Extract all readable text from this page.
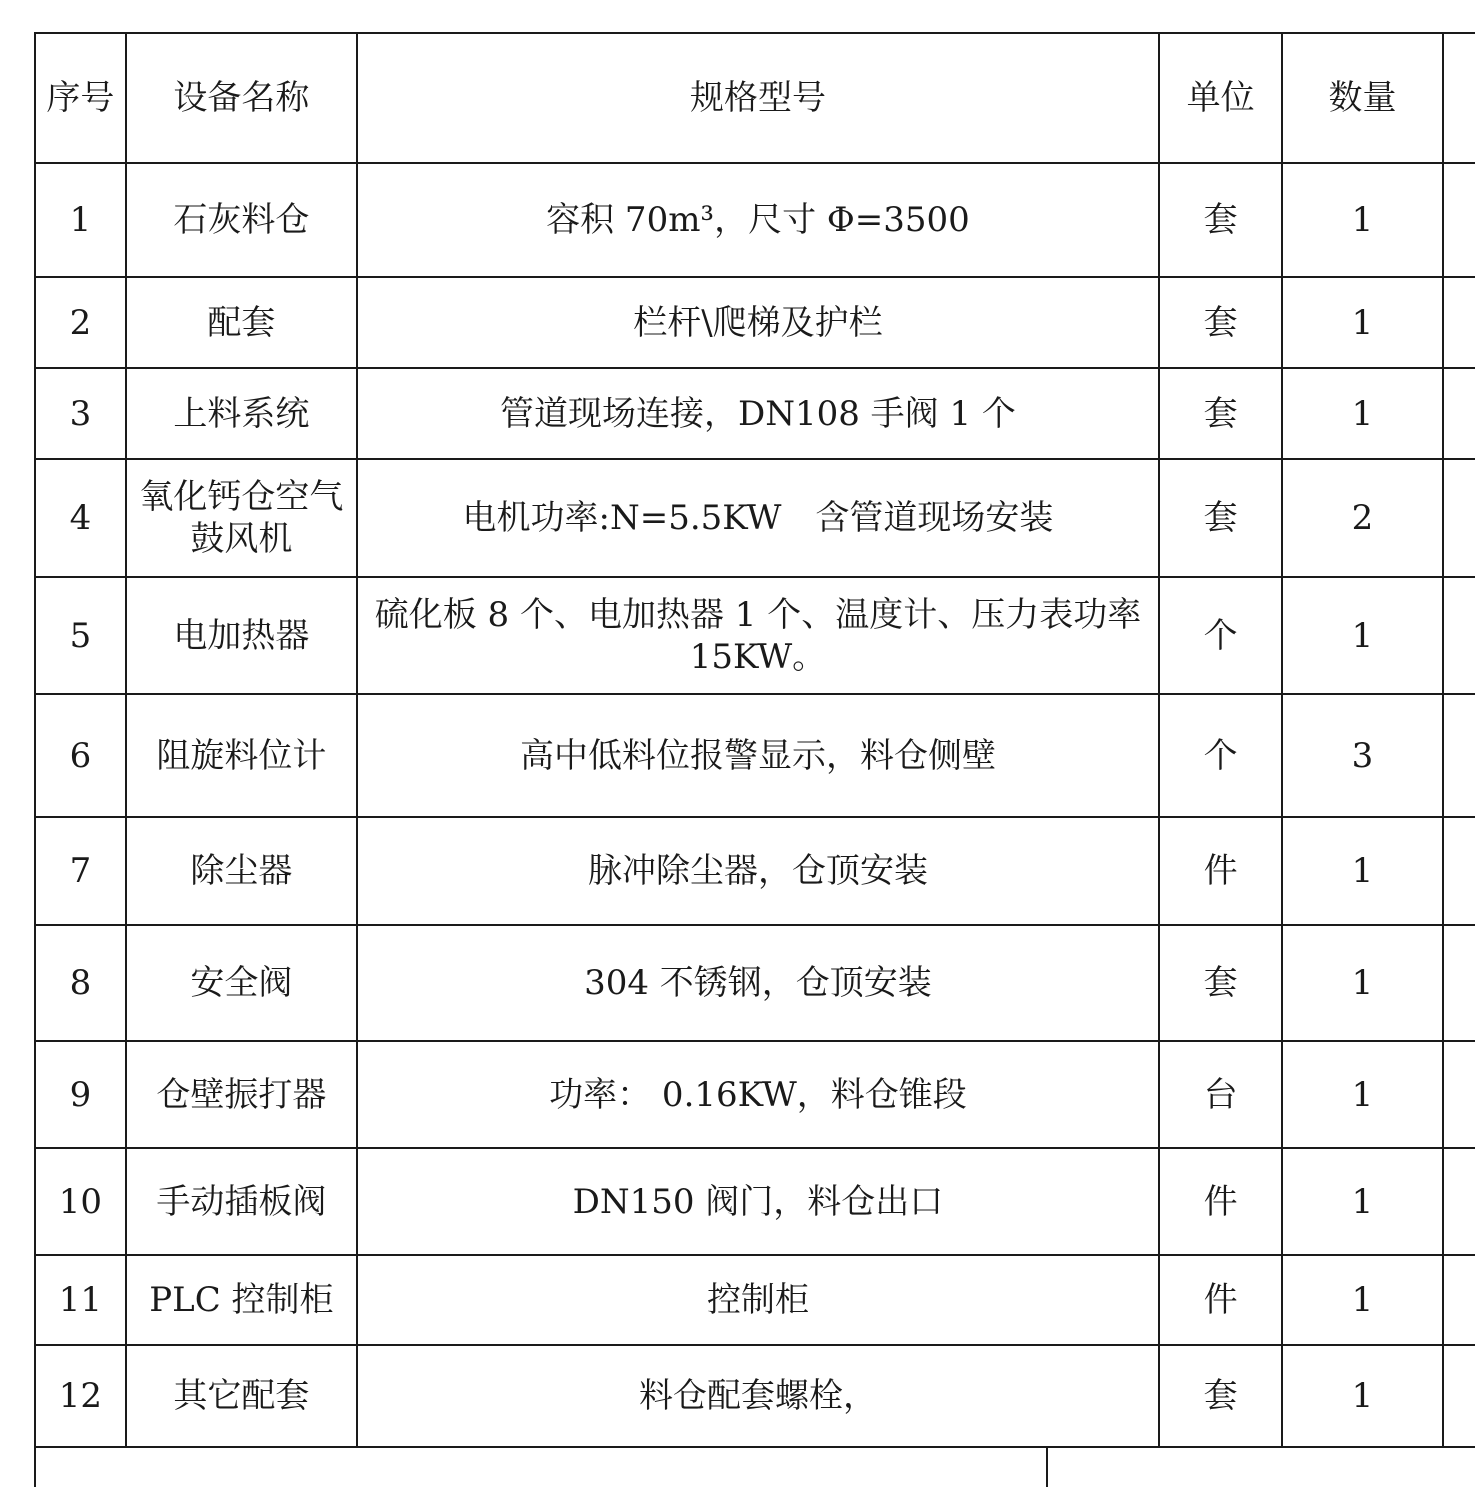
序号	设备名称	规格型号	单位	数量	
1	石灰料仓	容积 70m³，尺寸 Φ=3500	套	1	
2	配套	栏杆\爬梯及护栏	套	1	
3	上料系统	管道现场连接，DN108 手阀 1 个	套	1	
4	氧化钙仓空气鼓风机	电机功率:N=5.5KW　含管道现场安装	套	2	
5	电加热器	硫化板 8 个、电加热器 1 个、温度计、压力表功率 15KW。	个	1	
6	阻旋料位计	高中低料位报警显示，料仓侧壁	个	3	
7	除尘器	脉冲除尘器，仓顶安装	件	1	
8	安全阀	304 不锈钢，仓顶安装	套	1	
9	仓壁振打器	功率： 0.16KW，料仓锥段	台	1	
10	手动插板阀	DN150 阀门，料仓出口	件	1	
11	PLC 控制柜	控制柜	件	1	
12	其它配套	料仓配套螺栓，	套	1	
